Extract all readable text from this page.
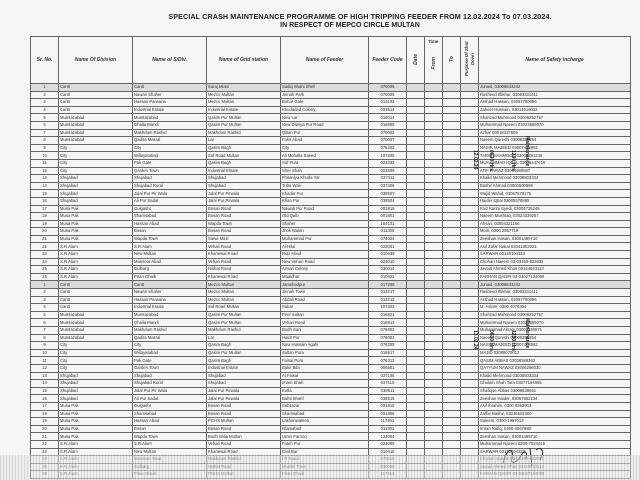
SPECIAL CRASH MAINTENANCE PROGRAMME OF HIGH TRIPPING FEEDER FROM 12.02.2024 To 07.03.2024.
IN RESPECT OF MEPCO CIRCLE MULTAN
Sr. No.	Name Of Division	Name of S/Div.	Name of Grid station	Name of Feeder	Feeder Code	Date	Time
From	To	Purpose Of Shut Down	Name of Safety incharge
1	Cantt	Cantt	Suraj Miani	Sadiq Shahi Shell	070005					Junaid, 03006843242
2	Cantt	Nawan Shaher	Mezco Multan	Jinnah Park	070005					Rasheed Iftikhar, 03063331411
3	Cantt	Hassan Parwana	Mezco Multan	Bohar Gate	013103					Arshad Hassan, 03057700096
4	Cantt	Industrial Estate	Industrial Estate	Khudadad Colony	003514					Zaheer Hussain, 03014616012
5	Mumtazabad	Mumtazabad	Qasim Pur Multan	New Lar	018014					Shahzad Mahmood 03006252757
6	Mumtazabad	Ghalla Mandi	Qasim Pur Multan	New Daniya Pur Road	016808					Muhammad Naeem 03023655070
7	Mumtazabad	Makhdum Rashid	Makhdum Rashid	Qillan Pur	070002					Azhar 03018337509
8	Mumtazabad	Qadira Masral	Lar	Fakir Abad	070007					Naeem Qureshi 03006355854
9	City	City	Qasim Bagh	City	075303					NASIR MAJEED 03007458962
10	City	Willayatabad	Sof Road Multan	Ali Mohalla Saeed	107205					TARIK MAHMOOD 03004391249
11	City	Pak Gate	Qasim Bagh	Sof Pura	023333					MUHAMMAD IQBAL 03006147416
12	City	Garden Town	Industrial Estate	Sher Shah	003509					ATIF FARAZ 03004980587
13	Shujabad	Shujabad	Shujabad	Fhiraniya Khuda Yar	037411					Khalid Mehmood 03036503334
14	Shujabad	Shujabad Rural	Shujabad	Tuba Wali	037406					Bashir Ahmad 03004590569
15	Shujabad	Jalal Pur Pir Wala	Jalal Pur Pirwala	Khadar Pur	038507					Wajid Wahid, 03067579175
16	Shujabad	Ali Pur Sadat	Jalal Pur Pirwala	Khan Pur	038504					Haider Iqbal 03005578865
17	Musa Pak	Gulgasht	Bosan Road	Nawab Pur Road	001819					Faiz Karim Syedi, 03004725246
18	Musa Pak	Shamsabad	Bosan Road	Old Qalb	001801					Naeem Mushtaq, 03023339267
19	Musa Pak	Hassan Abad	Wapda Town	Shaher	104101					Ahsan, 03004321156
20	Musa Pak	Bosan	Bosan Road	Jhok Waien	011309					Moin, 0300 2557719
21	Musa Pak	Wapda Town	Sarwi Mazi	Muhammad Pur	074004					Zeeshan Hasan, 03001489710
22	S.R.Alam	S.R.Alam	Vehari Road	Al-Hilal	022001					Asif Zafar Nakai 03041802021
23	S.R.Alam	New Multan	Khanewal Road	Riaz Abad	010439					SARWAR 03130104323
24	S.R.Alam	Mansoor Abad	Vehari Road	New Vehari Road	023010					Chohan Naeem 03-03450-823032
25	S.R.Alam	Gulbarg	Nishat Road	Ansari Colony	030014					Javaid Ahmed Khan 03144643113
26	S.R.Alam	Piran Ghaib	Khanewal Road	Maaldhar	010421					FARHAN QADIR 03-03027124080
1	Cantt	Cantt	Mezco Multan	Jamshedpur	017208					Junaid, 03006843242
2	Cantt	Nawan Shaher	Mezco Multan	Jinnah Town	013217					Rasheed Iftikhar, 03063331411
3	Cantt	Hassan Parwana	Mezco Multan	Abdali Road	013213					Arshad Hassan, 03057700096
4	Cantt	Industrial Estate	Sof Road Multan	Sabar	107203					M. Aslam, 0300 4070354
5	Mumtazabad	Mumtazabad	Qasim Pur Multan	Peer Sultan	016821					Shahzad Mahmood 03006252757
6	Mumtazabad	Ghalla Mandi	Qasim Pur Multan	Vehari Road	016813					Muhammad Naeem 03023655070
7	Mumtazabad	Makhdum Rashid	Makhdum Rashid	Budh Sani	076803					Muhammad Akram 03004330071
8	Mumtazabad	Qadira Masral	Lar	Haidr Pur	078003					Naeem Qureshi 03006355854
9	City	City	Qasim Bagh	New Hussain Agahi	076309					NASIR MAJEED 03007458962
10	City	Willayatabad	Qasim Pur Multan	Sultan Pura	016817					MAJID 03088070012
11	City	Pak Gate	Qasim Bagh	Faisal Pura	076313					QASIM ABBAS 03036586362
12	City	Garden Town	Industrial Estate	Bakir Bibi	006501					QAYYUM NAWAZ 03006298030
13	Shujabad	Shujabad	Shujabad	Al Faisal	037106					Khalid Mehmood 03036503334
14	Shujabad	Shujabad Rural	Shujabad	Imam Shah	037110					Ghulam Shah Tara 03077184955
15	Shujabad	Jalal Pur Pir Wala	Jalal Pur Pirwala	Kotla	038511					Shafique Abbas 03006638561
16	Shujabad	Ali Pur Sadat	Jalal Pur Pirwala	Bahti Sharif	038515					Zeeshan Haider, 03067662234
17	Musa Pak	Gulgasht	Bosan Road	Sabzazar	001815					Asif Ibrahim, 0300 0363903
18	Musa Pak	Shamsabad	Bosan Road	Shamsabad	001806					Zaffar Bashir, 03036502360
19	Musa Pak	Hassan Abad	PGHS Multan	Lakhanwaleea	117401					Saleem, 0300-1957013
20	Musa Pak	Bosan	Bosan Road	Islamabad	011301					Imran Rafiq, 0300-4567890
21	Musa Pak	Wapda Town	Budh Wilia Multan	Umer Farooq	122004					Zeeshan Hasan, 03001489710
22	S.R.Alam	S.R.Alam	Vehari Road	Fateh Pur	022009					Muhammad Naeem 0300-7534415
23	S.R.Alam	New Multan	Khanewal Road	Civil Bar	010415					SARWAR 03130104323

12.02.24 0830 Hrs	1230 Hrs Maintenance
13.02.24 0830 Hrs	1230 Hrs Maintenance
